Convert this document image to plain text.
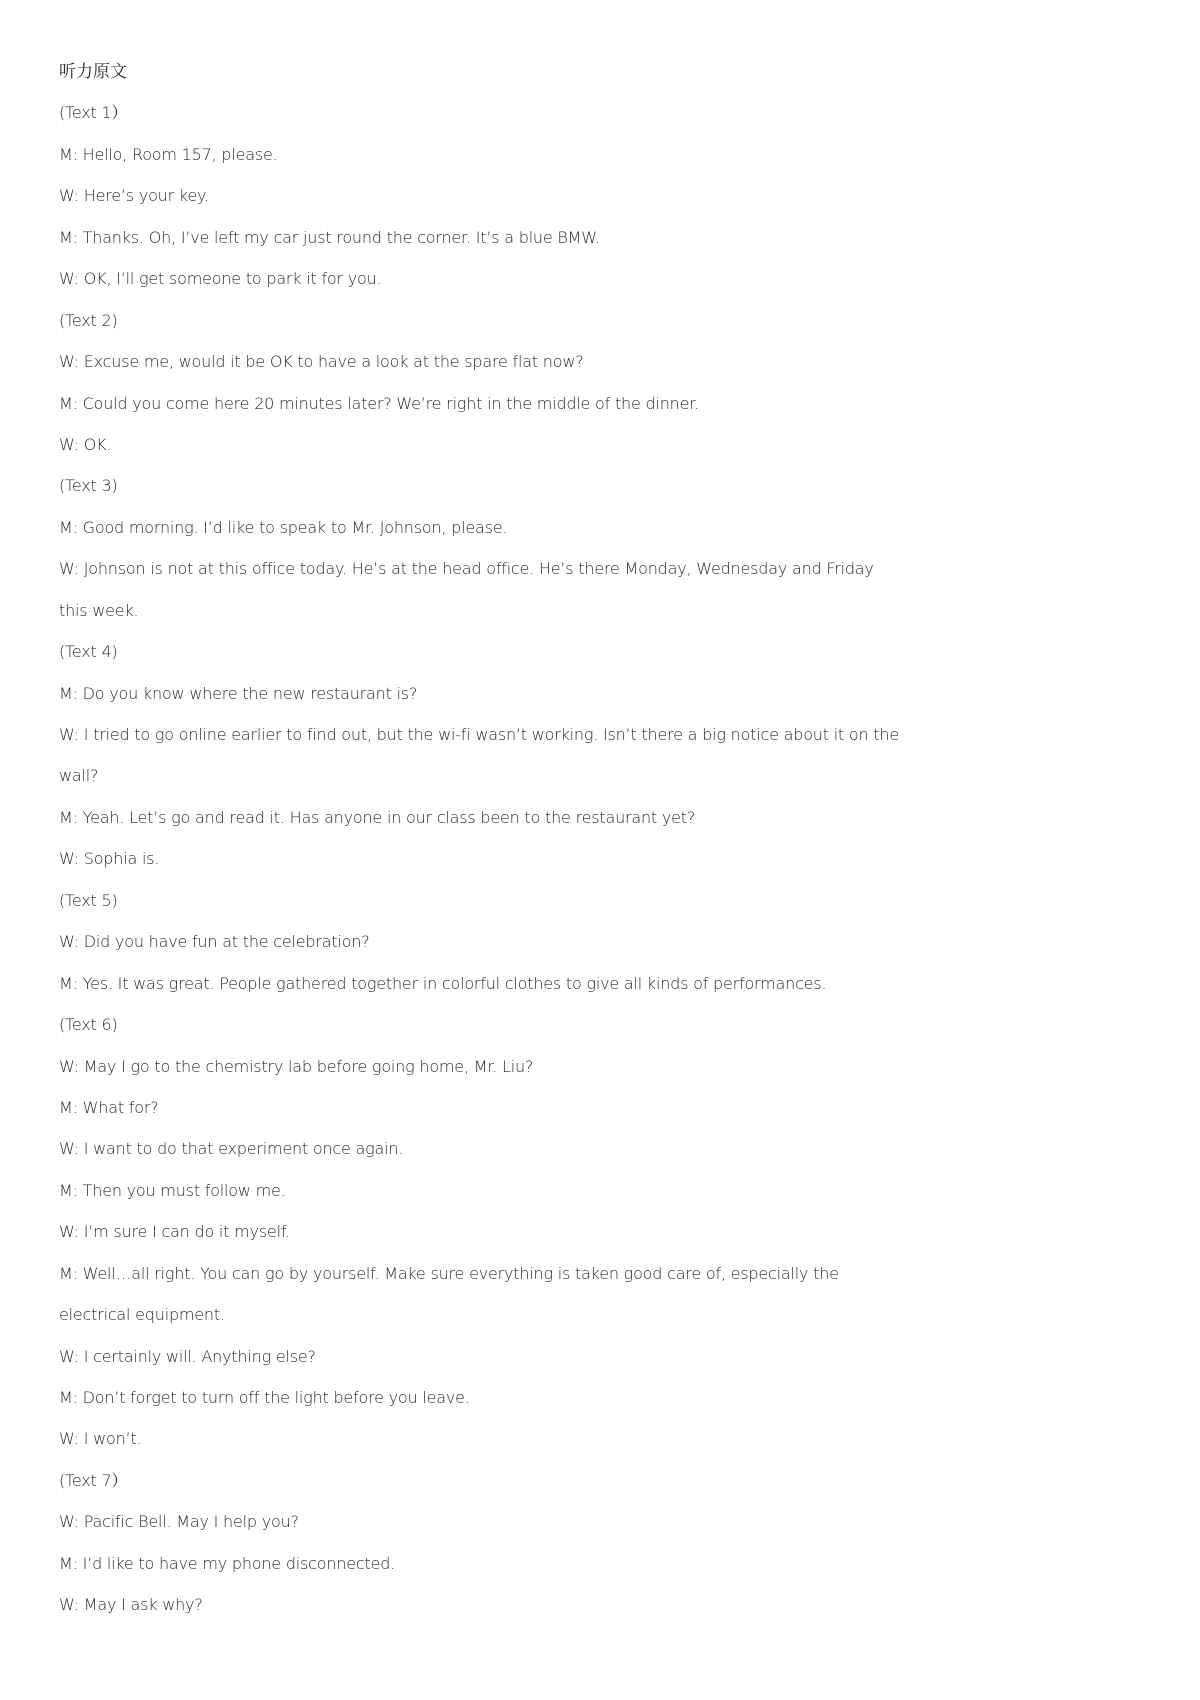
听力原文
(Text 1）
M: Hello, Room 157, please.
W: Here’s your key.
M: Thanks. Oh, I’ve left my car just round the corner. It’s a blue BMW.
W: OK, I’ll get someone to park it for you.
(Text 2)
W: Excuse me, would it be OK to have a look at the spare flat now?
M: Could you come here 20 minutes later? We’re right in the middle of the dinner.
W: OK.
(Text 3)
M: Good morning. I’d like to speak to Mr. Johnson, please.
W: Johnson is not at this office today. He’s at the head office. He’s there Monday, Wednesday and Friday
this week.
(Text 4)
M: Do you know where the new restaurant is?
W: I tried to go online earlier to find out, but the wi-fi wasn’t working. Isn’t there a big notice about it on the
wall?
M: Yeah. Let’s go and read it. Has anyone in our class been to the restaurant yet?
W: Sophia is.
(Text 5)
W: Did you have fun at the celebration?
M: Yes. It was great. People gathered together in colorful clothes to give all kinds of performances.
(Text 6)
W: May I go to the chemistry lab before going home, Mr. Liu?
M: What for?
W: I want to do that experiment once again.
M: Then you must follow me.
W: I’m sure I can do it myself.
M: Well…all right. You can go by yourself. Make sure everything is taken good care of, especially the
electrical equipment.
W: I certainly will. Anything else?
M: Don’t forget to turn off the light before you leave.
W: I won’t.
(Text 7）
W: Pacific Bell. May I help you?
M: I’d like to have my phone disconnected.
W: May I ask why?
